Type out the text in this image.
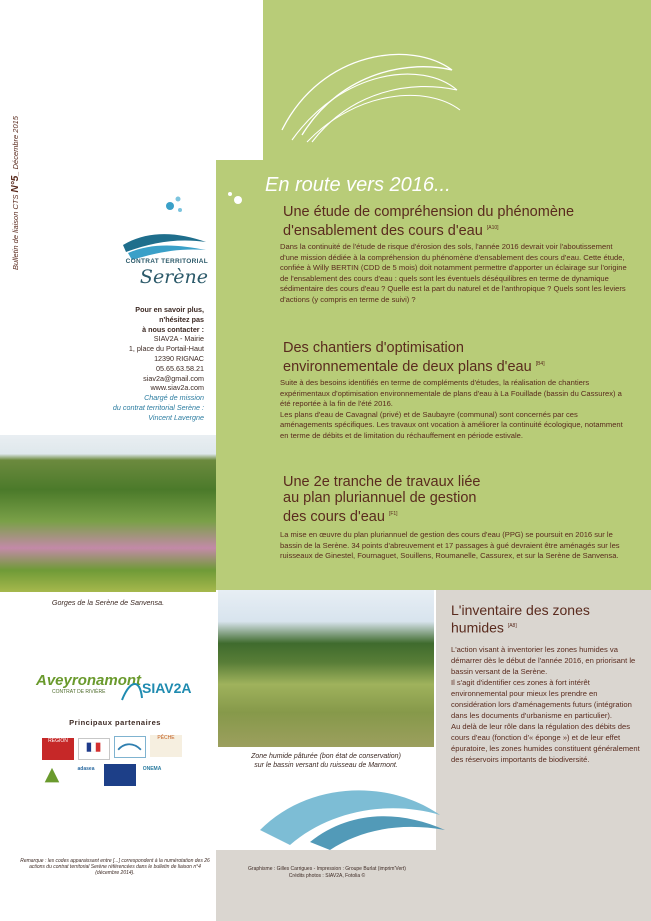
Bulletin de liaison CTS N°5_ Décembre 2015
CONTRAT TERRITORIAL
Serène
Pour en savoir plus,
n'hésitez pas
à nous contacter :
SIAV2A - Mairie
1, place du Portail-Haut
12390 RIGNAC
05.65.63.58.21
siav2a@gmail.com
www.siav2a.com
Chargé de mission
du contrat territorial Serène :
Vincent Lavergne
Gorges de la Serène de Sanvensa.
Zone humide pâturée (bon état de conservation)
sur le bassin versant du ruisseau de Marmont.
Aveyronamont
CONTRAT DE RIVIÈRE	SIAV2A
Principaux partenaires
RÉGION	PÊCHE
adasea	ONEMA
Remarque : les codes apparaissant entre [...] correspondent à la numérotation des 26 actions du contrat territorial Serène référencées dans le bulletin de liaison n°4 (décembre 2014).
Graphisme : Gilles Carrigues - Impression : Groupe Burlat (imprim'Vert)
Crédits photos : SIAV2A, Fotolia ©
En route vers 2016...
Une étude de compréhension du phénomène
d'ensablement des cours d'eau [A10]
Dans la continuité de l'étude de risque d'érosion des sols, l'année 2016 devrait voir l'aboutissement d'une mission dédiée à la compréhension du phénomène d'ensablement des cours d'eau. Cette étude, confiée à Willy BERTIN (CDD de 5 mois) doit notamment permettre d'apporter un éclairage sur l'origine de l'ensablement des cours d'eau : quels sont les éventuels déséquilibres en terme de dynamique sédimentaire des cours d'eau ? Quelle est la part du naturel et de l'anthropique ? Quels sont les leviers d'actions (y compris en terme de suivi) ?
Des chantiers d'optimisation
environnementale de deux plans d'eau [B4]
Suite à des besoins identifiés en terme de compléments d'études, la réalisation de chantiers expérimentaux d'optimisation environnementale de plans d'eau à La Fouillade (bassin du Cassurex) a été reportée à la fin de l'été 2016.
Les plans d'eau de Cavagnal (privé) et de Saubayre (communal) sont concernés par ces aménagements spécifiques. Les travaux ont vocation à améliorer la continuité écologique, notamment en terme de débits et de limitation du réchauffement en période estivale.
Une 2e tranche de travaux liée
au plan pluriannuel de gestion
des cours d'eau [F1]
La mise en œuvre du plan pluriannuel de gestion des cours d'eau (PPG) se poursuit en 2016 sur le bassin de la Serène. 34 points d'abreuvement et 17 passages à gué devraient être aménagés sur les ruisseaux de Ginestel, Fournaguet, Souillens, Roumanelle, Cassurex, et sur la Serène de Sanvensa.
L'inventaire des zones
humides [A8]
L'action visant à inventorier les zones humides va démarrer dès le début de l'année 2016, en priorisant le bassin versant de la Serène.
Il s'agit d'identifier ces zones à fort intérêt environnemental pour mieux les prendre en considération lors d'aménagements futurs (intégration dans les documents d'urbanisme en particulier).
Au delà de leur rôle dans la régulation des débits des cours d'eau (fonction d'« éponge ») et de leur effet épuratoire, les zones humides constituent généralement des réservoirs importants de biodiversité.
